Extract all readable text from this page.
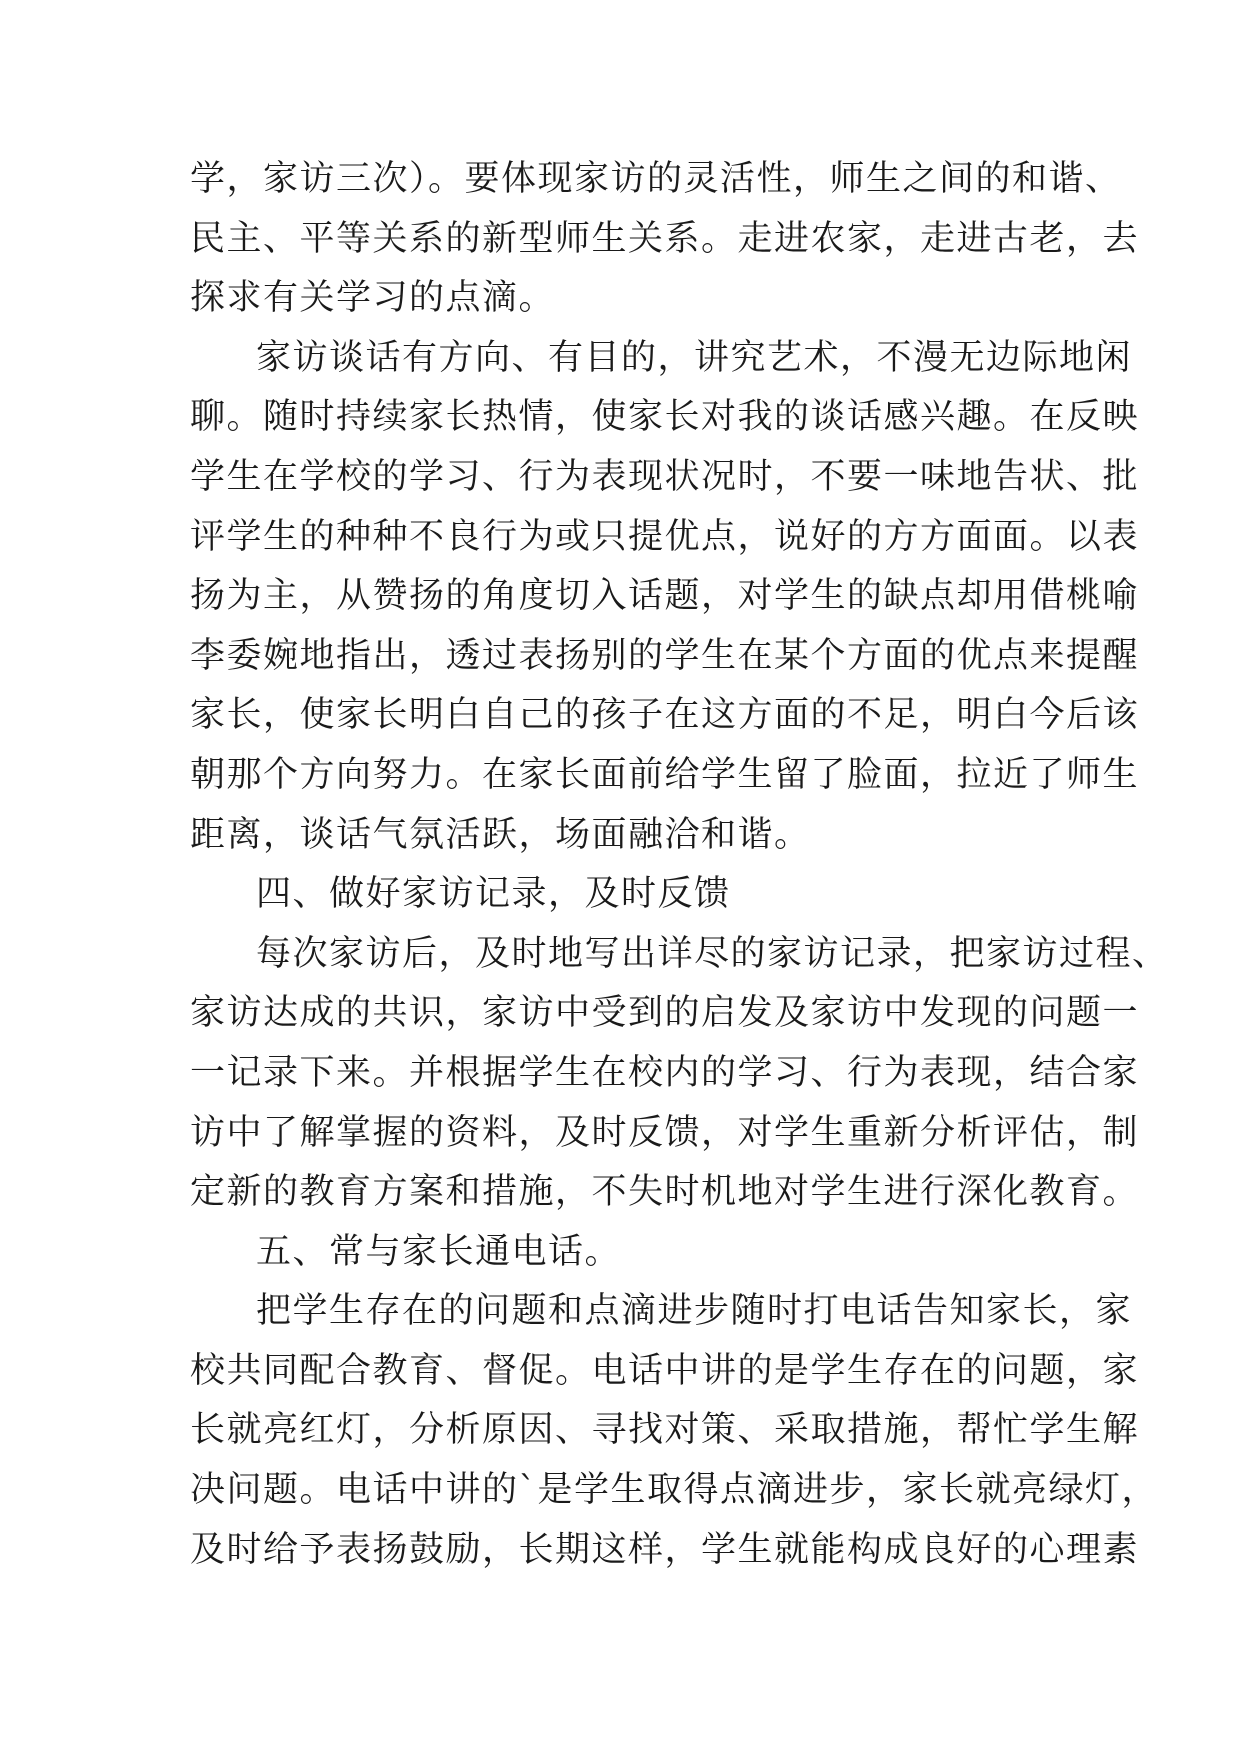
学，家访三次）。要体现家访的灵活性，师生之间的和谐、
民主、平等关系的新型师生关系。走进农家，走进古老，去
探求有关学习的点滴。
家访谈话有方向、有目的，讲究艺术，不漫无边际地闲
聊。随时持续家长热情，使家长对我的谈话感兴趣。在反映
学生在学校的学习、行为表现状况时，不要一味地告状、批
评学生的种种不良行为或只提优点，说好的方方面面。以表
扬为主，从赞扬的角度切入话题，对学生的缺点却用借桃喻
李委婉地指出，透过表扬别的学生在某个方面的优点来提醒
家长，使家长明白自己的孩子在这方面的不足，明白今后该
朝那个方向努力。在家长面前给学生留了脸面，拉近了师生
距离，谈话气氛活跃，场面融洽和谐。
四、做好家访记录，及时反馈
每次家访后，及时地写出详尽的家访记录，把家访过程、
家访达成的共识，家访中受到的启发及家访中发现的问题一
一记录下来。并根据学生在校内的学习、行为表现，结合家
访中了解掌握的资料，及时反馈，对学生重新分析评估，制
定新的教育方案和措施，不失时机地对学生进行深化教育。
五、常与家长通电话。
把学生存在的问题和点滴进步随时打电话告知家长，家
校共同配合教育、督促。电话中讲的是学生存在的问题，家
长就亮红灯，分析原因、寻找对策、采取措施，帮忙学生解
决问题。电话中讲的`是学生取得点滴进步，家长就亮绿灯，
及时给予表扬鼓励，长期这样，学生就能构成良好的心理素
